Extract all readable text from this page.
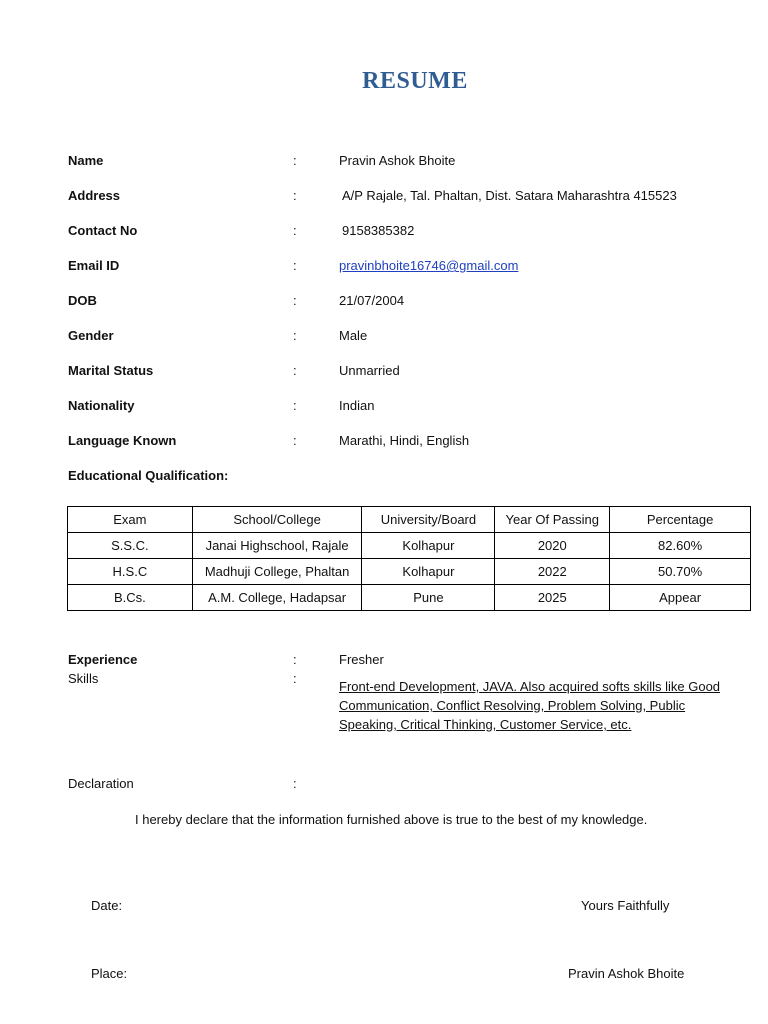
RESUME
Name	:	Pravin Ashok Bhoite
Address	:	A/P Rajale, Tal. Phaltan, Dist. Satara Maharashtra 415523
Contact No	:	9158385382
Email ID	:	pravinbhoite16746@gmail.com
DOB	:	21/07/2004
Gender	:	Male
Marital Status	:	Unmarried
Nationality	:	Indian
Language Known	:	Marathi, Hindi, English
Educational Qualification:
Exam	School/College	University/Board	Year Of Passing	Percentage
S.S.C.	Janai Highschool, Rajale	Kolhapur	2020	82.60%
H.S.C	Madhuji College, Phaltan	Kolhapur	2022	50.70%
B.Cs.	A.M. College, Hadapsar	Pune	2025	Appear
Experience	:	Fresher
Skills	:
Front-end Development, JAVA. Also acquired softs skills like Good Communication, Conflict Resolving, Problem Solving, Public Speaking, Critical Thinking, Customer Service, etc.
Declaration	:
I hereby declare that the information furnished above is true to the best of my knowledge.
Date:	Yours Faithfully
Place:	Pravin Ashok Bhoite
